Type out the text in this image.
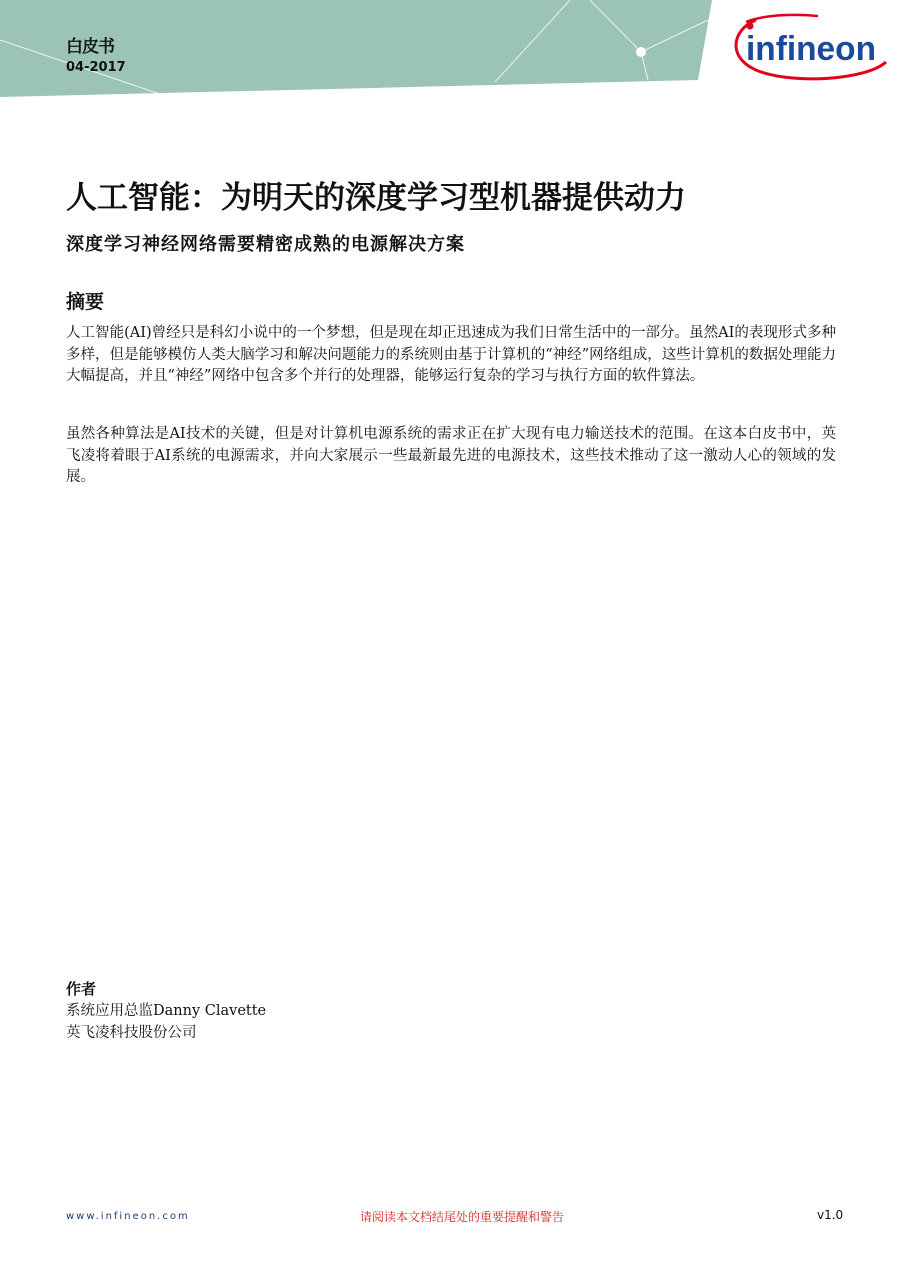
白皮书
04-2017	infineon
人工智能：为明天的深度学习型机器提供动力
深度学习神经网络需要精密成熟的电源解决方案
摘要

人工智能(AI)曾经只是科幻小说中的一个梦想，但是现在却正迅速成为我们日常生活中的一部分。虽然AI的表现形式多种多样，但是能够模仿人类大脑学习和解决问题能力的系统则由基于计算机的“神经”网络组成，这些计算机的数据处理能力大幅提高，并且“神经”网络中包含多个并行的处理器，能够运行复杂的学习与执行方面的软件算法。

虽然各种算法是AI技术的关键，但是对计算机电源系统的需求正在扩大现有电力输送技术的范围。在这本白皮书中，英飞凌将着眼于AI系统的电源需求，并向大家展示一些最新最先进的电源技术，这些技术推动了这一激动人心的领域的发展。

作者
系统应用总监Danny Clavette
英飞凌科技股份公司
www.infineon.com	请阅读本文档结尾处的重要提醒和警告	v1.0
